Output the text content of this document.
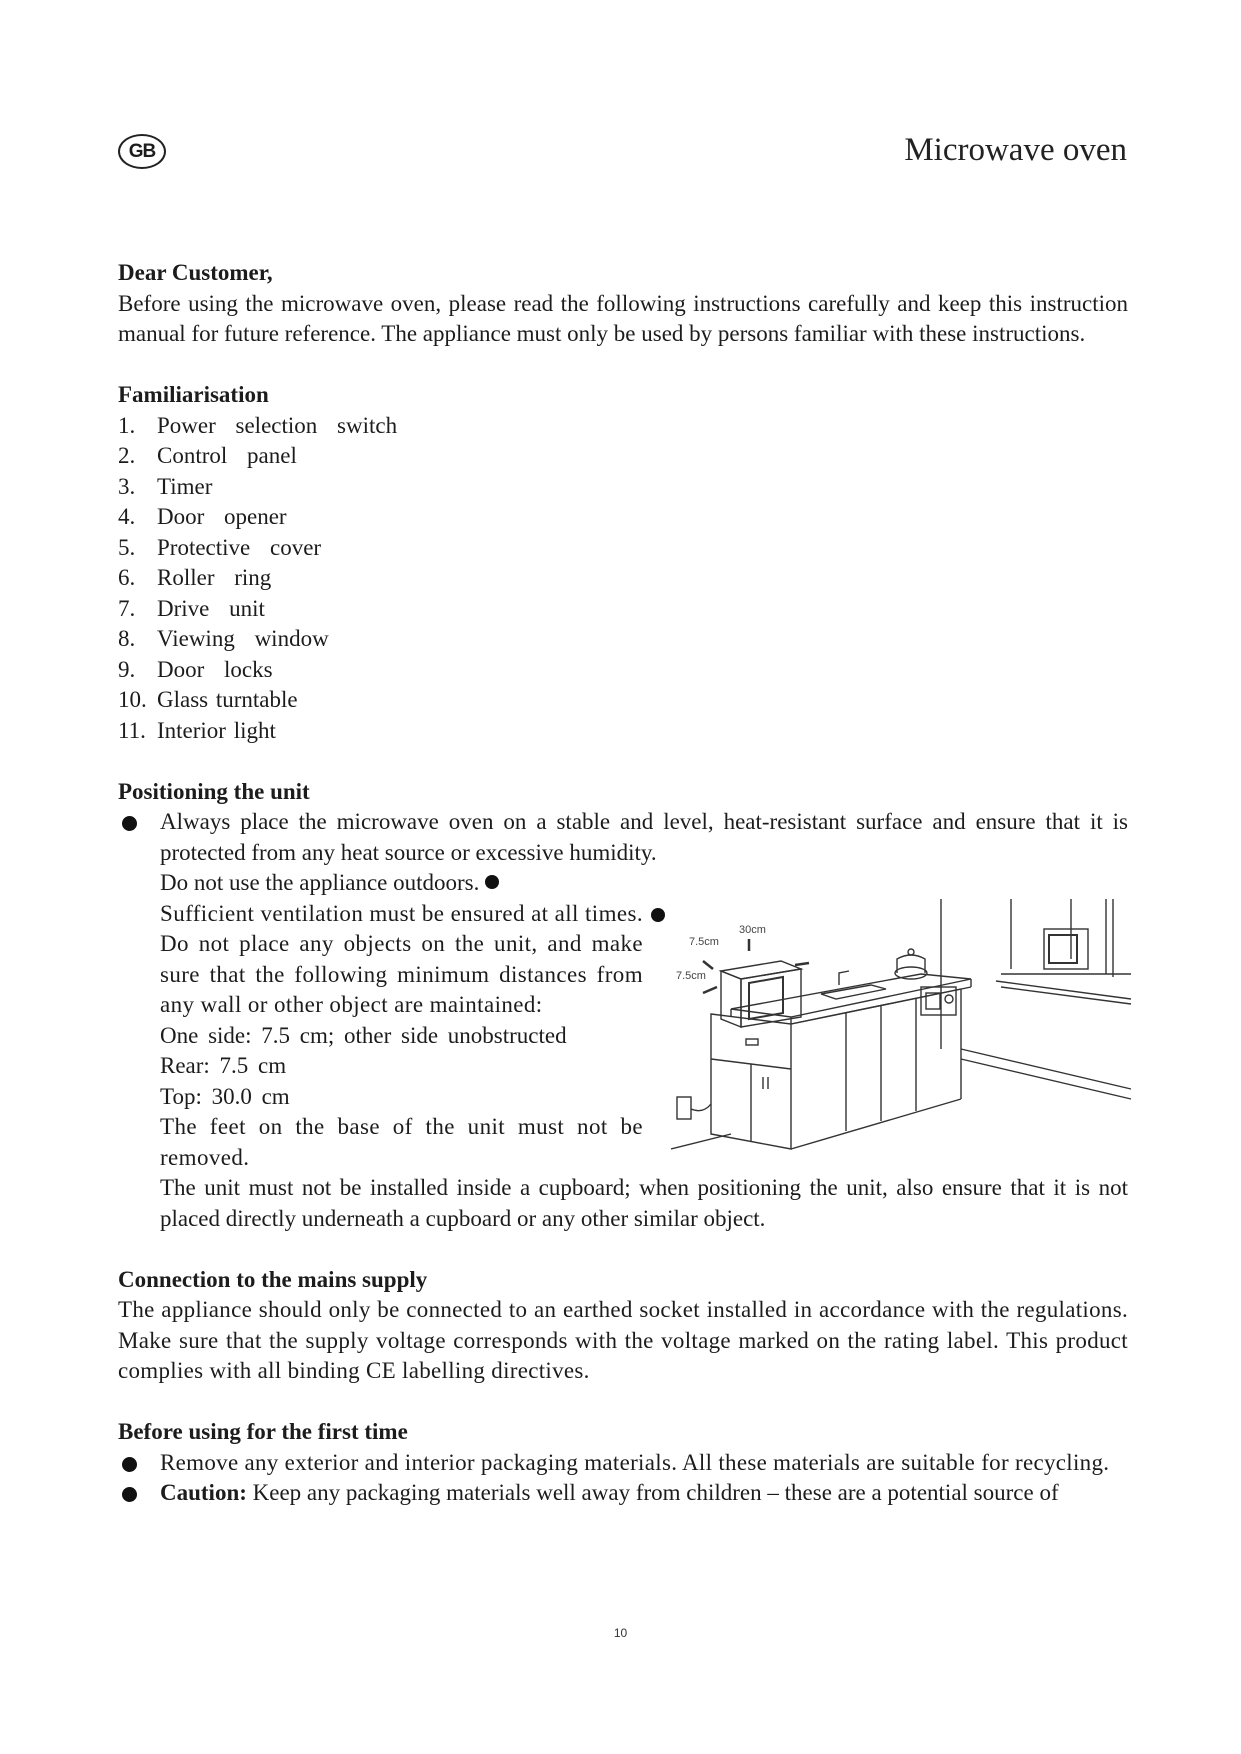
GB	Microwave oven
Dear Customer,

Before using the microwave oven, please read the following instructions carefully and keep this instruction manual for future reference. The appliance must only be used by persons familiar with these instructions.

Familiarisation
1. Power selection switch
2. Control panel
3. Timer
4. Door opener
5. Protective cover
6. Roller ring
7. Drive unit
8. Viewing window
9. Door locks
10. Glass turntable
11. Interior light
Positioning the unit
Always place the microwave oven on a stable and level, heat-resistant surface and ensure that it is protected from any heat source or excessive humidity.
Do not use the appliance outdoors.
Sufficient ventilation must be ensured at all times. Do not place any objects on the unit, and make sure that the following minimum distances from any wall or other object are maintained:
One side: 7.5 cm; other side unobstructed
Rear: 7.5 cm
Top: 30.0 cm
The feet on the base of the unit must not be removed.
30cm
7.5cm
7.5cm
The unit must not be installed inside a cupboard; when positioning the unit, also ensure that it is not placed directly underneath a cupboard or any other similar object.
Connection to the mains supply

The appliance should only be connected to an earthed socket installed in accordance with the regulations. Make sure that the supply voltage corresponds with the voltage marked on the rating label. This product complies with all binding CE labelling directives.

Before using for the first time
Remove any exterior and interior packaging materials. All these materials are suitable for recycling.
Caution: Keep any packaging materials well away from children – these are a potential source of
10
